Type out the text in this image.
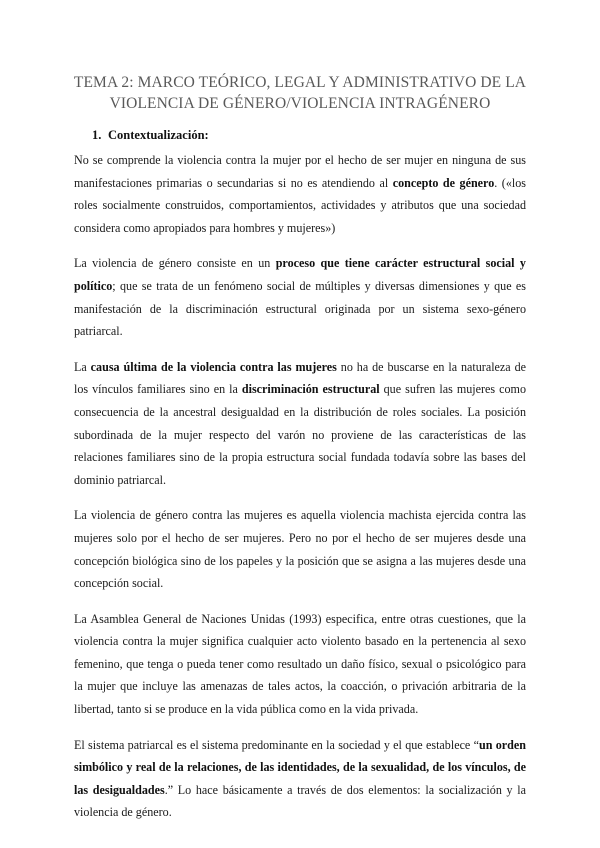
TEMA 2: MARCO TEÓRICO, LEGAL Y ADMINISTRATIVO DE LA
VIOLENCIA DE GÉNERO/VIOLENCIA INTRAGÉNERO
1. Contextualización:

No se comprende la violencia contra la mujer por el hecho de ser mujer en ninguna de sus manifestaciones primarias o secundarias si no es atendiendo al concepto de género. («los roles socialmente construidos, comportamientos, actividades y atributos que una sociedad considera como apropiados para hombres y mujeres»)

La violencia de género consiste en un proceso que tiene carácter estructural social y político; que se trata de un fenómeno social de múltiples y diversas dimensiones y que es manifestación de la discriminación estructural originada por un sistema sexo-género patriarcal.

La causa última de la violencia contra las mujeres no ha de buscarse en la naturaleza de los vínculos familiares sino en la discriminación estructural que sufren las mujeres como consecuencia de la ancestral desigualdad en la distribución de roles sociales. La posición subordinada de la mujer respecto del varón no proviene de las características de las relaciones familiares sino de la propia estructura social fundada todavía sobre las bases del dominio patriarcal.

La violencia de género contra las mujeres es aquella violencia machista ejercida contra las mujeres solo por el hecho de ser mujeres. Pero no por el hecho de ser mujeres desde una concepción biológica sino de los papeles y la posición que se asigna a las mujeres desde una concepción social.

La Asamblea General de Naciones Unidas (1993) especifica, entre otras cuestiones, que la violencia contra la mujer significa cualquier acto violento basado en la pertenencia al sexo femenino, que tenga o pueda tener como resultado un daño físico, sexual o psicológico para la mujer que incluye las amenazas de tales actos, la coacción, o privación arbitraria de la libertad, tanto si se produce en la vida pública como en la vida privada.

El sistema patriarcal es el sistema predominante en la sociedad y el que establece “un orden simbólico y real de la relaciones, de las identidades, de la sexualidad, de los vínculos, de las desigualdades.” Lo hace básicamente a través de dos elementos: la socialización y la violencia de género.
